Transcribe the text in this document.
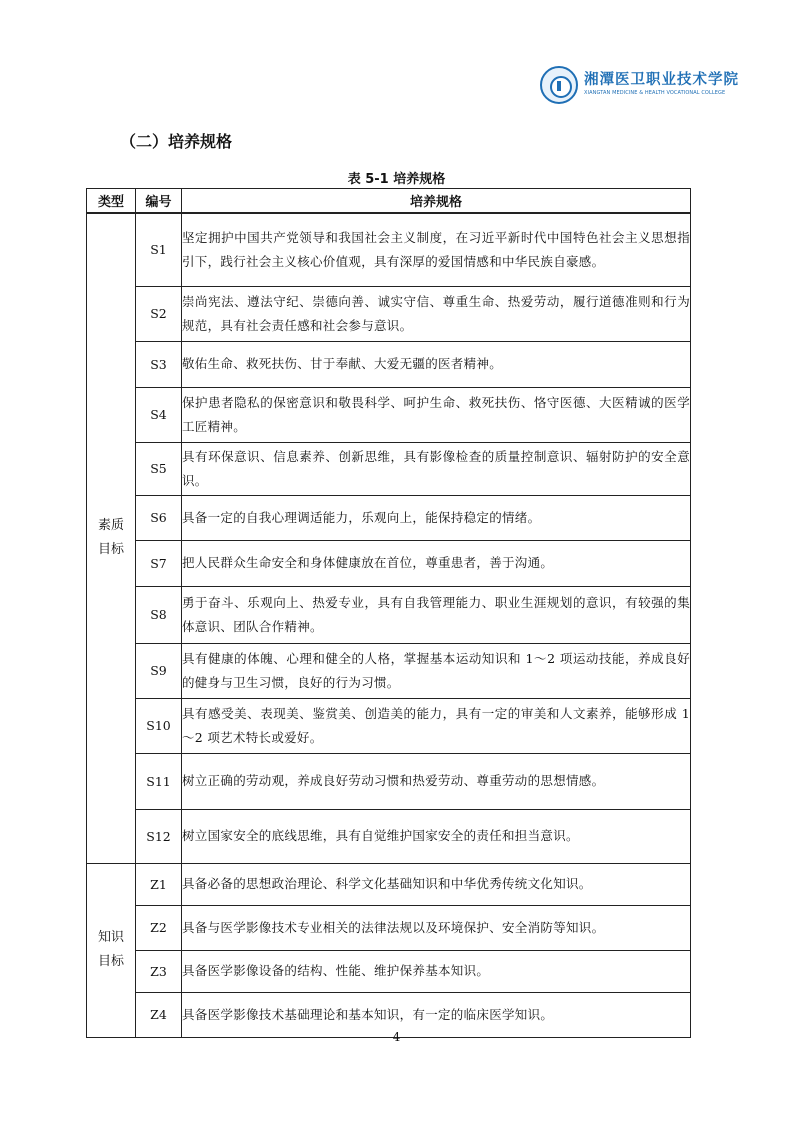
湘潭医卫职业技术学院
XIANGTAN MEDICINE & HEALTH VOCATIONAL COLLEGE
（二）培养规格
表 5-1 培养规格
类型	编号	培养规格
素质目标	S1	坚定拥护中国共产党领导和我国社会主义制度，在习近平新时代中国特色社会主义思想指引下，践行社会主义核心价值观，具有深厚的爱国情感和中华民族自豪感。
	S2	崇尚宪法、遵法守纪、崇德向善、诚实守信、尊重生命、热爱劳动，履行道德准则和行为规范，具有社会责任感和社会参与意识。
	S3	敬佑生命、救死扶伤、甘于奉献、大爱无疆的医者精神。
	S4	保护患者隐私的保密意识和敬畏科学、呵护生命、救死扶伤、恪守医德、大医精诚的医学工匠精神。
	S5	具有环保意识、信息素养、创新思维，具有影像检查的质量控制意识、辐射防护的安全意识。
	S6	具备一定的自我心理调适能力，乐观向上，能保持稳定的情绪。
	S7	把人民群众生命安全和身体健康放在首位，尊重患者，善于沟通。
	S8	勇于奋斗、乐观向上、热爱专业，具有自我管理能力、职业生涯规划的意识，有较强的集体意识、团队合作精神。
	S9	具有健康的体魄、心理和健全的人格，掌握基本运动知识和 1～2 项运动技能，养成良好的健身与卫生习惯，良好的行为习惯。
	S10	具有感受美、表现美、鉴赏美、创造美的能力，具有一定的审美和人文素养，能够形成 1～2 项艺术特长或爱好。
	S11	树立正确的劳动观，养成良好劳动习惯和热爱劳动、尊重劳动的思想情感。
	S12	树立国家安全的底线思维，具有自觉维护国家安全的责任和担当意识。
知识目标	Z1	具备必备的思想政治理论、科学文化基础知识和中华优秀传统文化知识。
	Z2	具备与医学影像技术专业相关的法律法规以及环境保护、安全消防等知识。
	Z3	具备医学影像设备的结构、性能、维护保养基本知识。
	Z4	具备医学影像技术基础理论和基本知识，有一定的临床医学知识。
4
